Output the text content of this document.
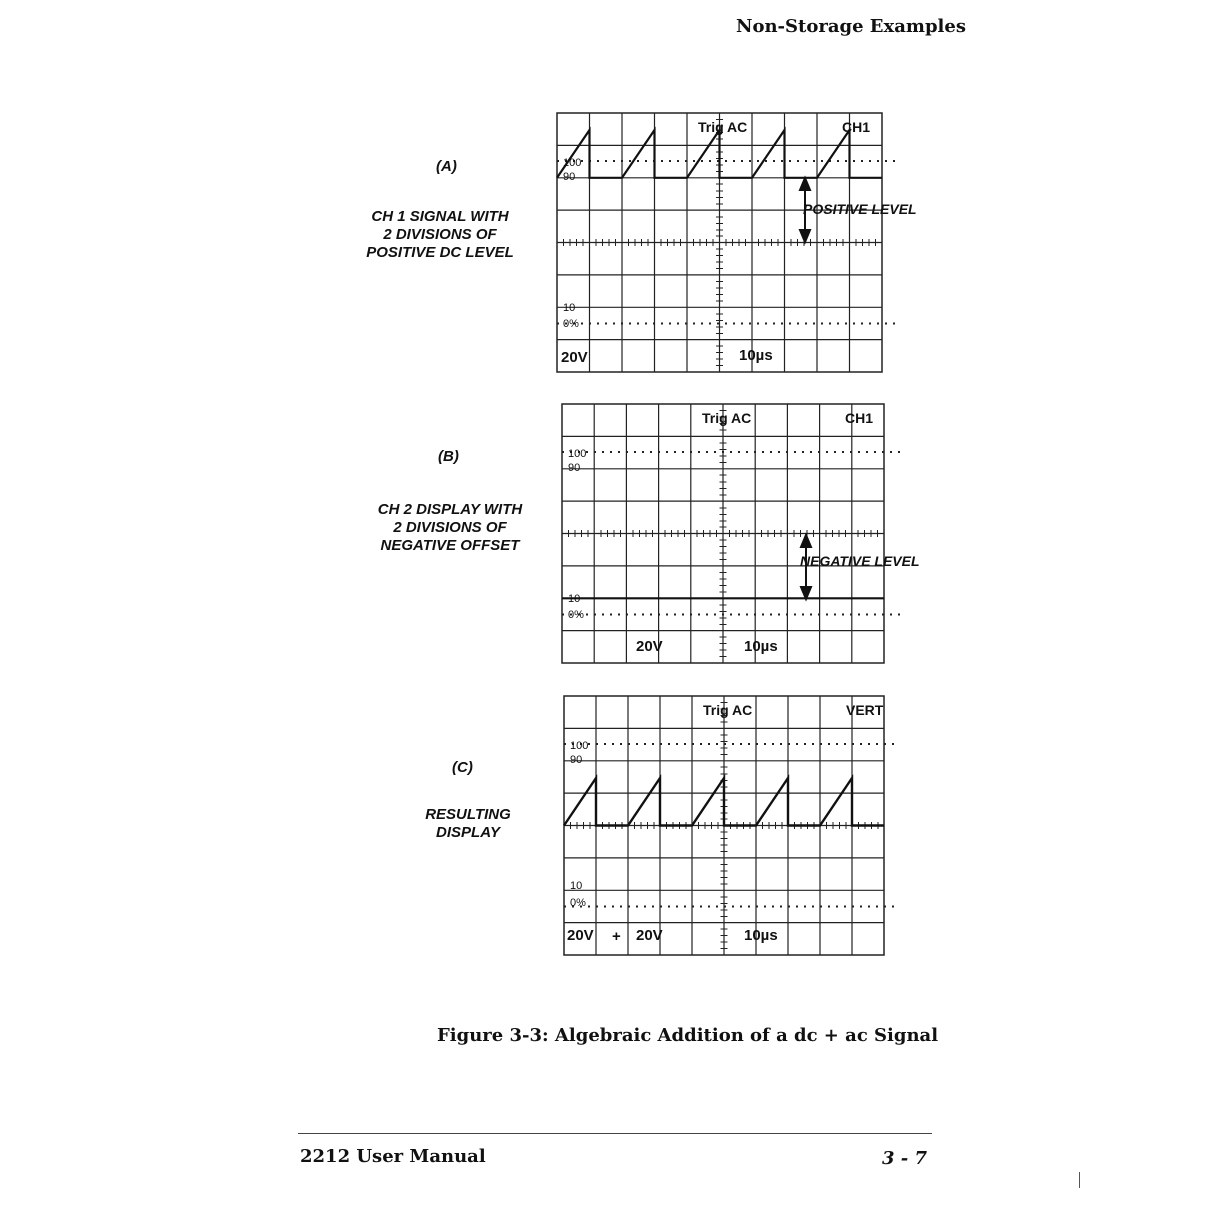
Non-Storage Examples
(A)
CH 1 SIGNAL WITH
2 DIVISIONS OF
POSITIVE DC LEVEL
(B)
CH 2 DISPLAY WITH
2 DIVISIONS OF
NEGATIVE OFFSET
(C)
RESULTING
DISPLAY
Trig AC	CH1
100
90
10
0%
20V	10µs
POSITIVE LEVEL
Trig AC	CH1
100
90
10
0%
20V	10µs
NEGATIVE LEVEL
Trig AC	VERT
100
90
10
0%
20V + 20V	10µs
Figure 3-3: Algebraic Addition of a dc + ac Signal
2212 User Manual	3 - 7
